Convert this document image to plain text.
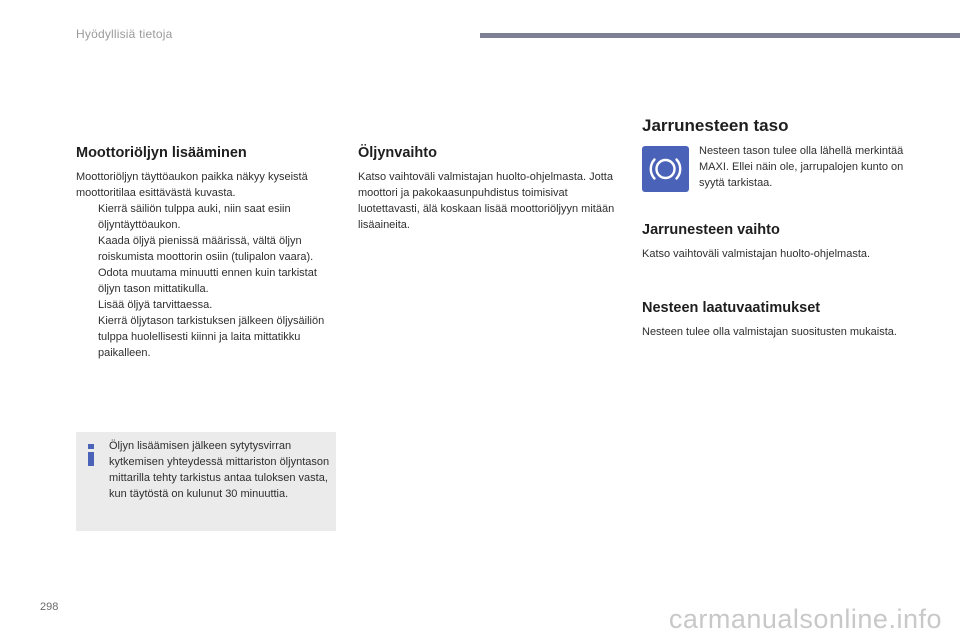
Hyödyllisiä tietoja
Moottoriöljyn lisääminen

Moottoriöljyn täyttöaukon paikka näkyy kyseistä moottoritilaa esittävästä kuvasta.

Kierrä säiliön tulppa auki, niin saat esiin öljyntäyttöaukon.
Kaada öljyä pienissä määrissä, vältä öljyn roiskumista moottorin osiin (tulipalon vaara).
Odota muutama minuutti ennen kuin tarkistat öljyn tason mittatikulla.
Lisää öljyä tarvittaessa.
Kierrä öljytason tarkistuksen jälkeen öljysäiliön tulppa huolellisesti kiinni ja laita mittatikku paikalleen.

Öljyn lisäämisen jälkeen sytytysvirran kytkemisen yhteydessä mittariston öljyntason mittarilla tehty tarkistus antaa tuloksen vasta, kun täytöstä on kulunut 30 minuuttia.

Öljynvaihto

Katso vaihtoväli valmistajan huolto-ohjelmasta. Jotta moottori ja pakokaasunpuhdistus toimisivat luotettavasti, älä koskaan lisää moottoriöljyyn mitään lisäaineita.

Jarrunesteen taso

Nesteen tason tulee olla lähellä merkintää MAXI. Ellei näin ole, jarrupalojen kunto on syytä tarkistaa.

Jarrunesteen vaihto

Katso vaihtoväli valmistajan huolto-ohjelmasta.

Nesteen laatuvaatimukset

Nesteen tulee olla valmistajan suositusten mukaista.

298	carmanualsonline.info
